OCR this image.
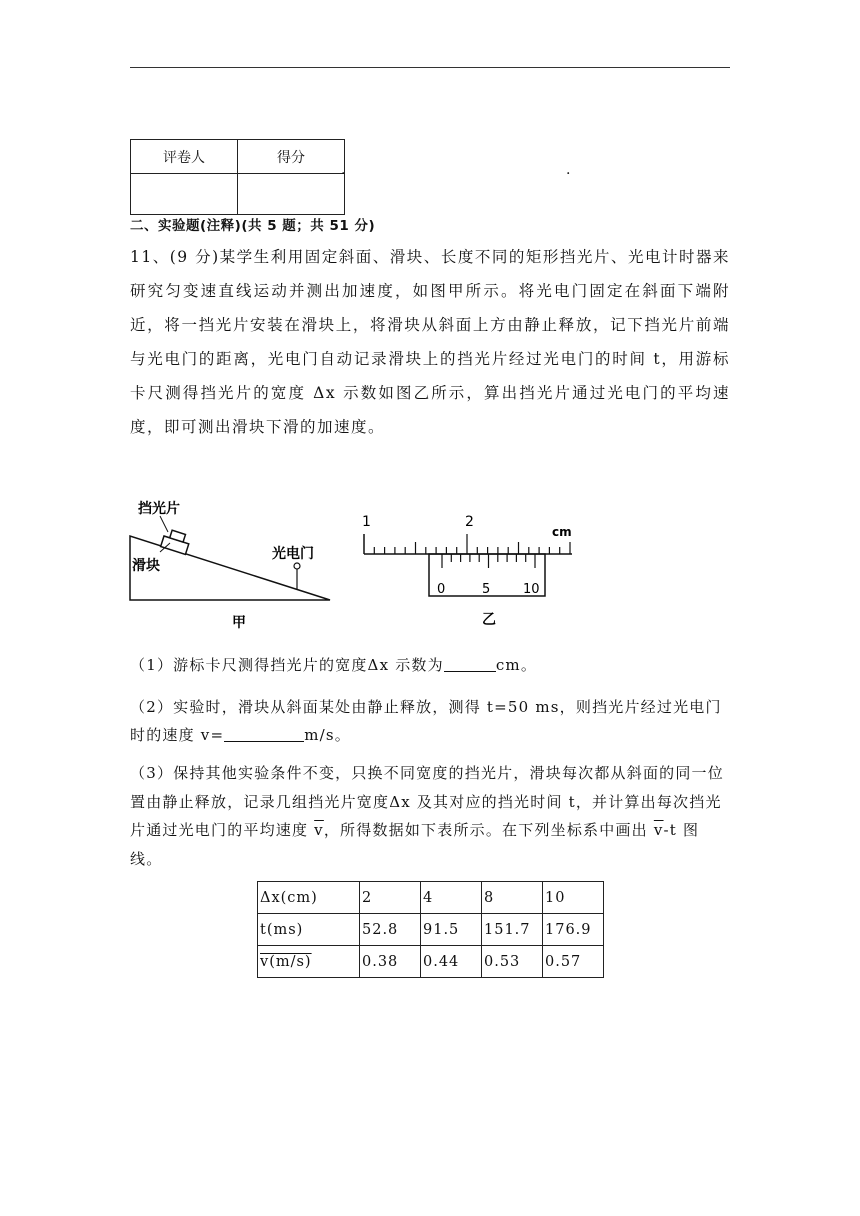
评卷人	得分

.	.
二、实验题(注释)(共 5 题；共 51 分)

11、(9 分)某学生利用固定斜面、滑块、长度不同的矩形挡光片、光电计时器来研究匀变速直线运动并测出加速度，如图甲所示。将光电门固定在斜面下端附近，将一挡光片安装在滑块上，将滑块从斜面上方由静止释放，记下挡光片前端与光电门的距离，光电门自动记录滑块上的挡光片经过光电门的时间 t，用游标卡尺测得挡光片的宽度 Δx 示数如图乙所示，算出挡光片通过光电门的平均速度，即可测出滑块下滑的加速度。

挡光片
滑块
光电门
甲
1	2
cm
0	5	10
乙
（1）游标卡尺测得挡光片的宽度Δx 示数为	cm。
（2）实验时，滑块从斜面某处由静止释放，测得 t=50 ms，则挡光片经过光电门时的速度 v=	m/s。
（3）保持其他实验条件不变，只换不同宽度的挡光片，滑块每次都从斜面的同一位置由静止释放，记录几组挡光片宽度Δx 及其对应的挡光时间 t，并计算出每次挡光片通过光电门的平均速度 $\overline{v}$，所得数据如下表所示。在下列坐标系中画出 $\overline{v}-t$ 图线。
Δx(cm)	2	4	8	10
t(ms)	52.8	91.5	151.7	176.9
v(m/s)	0.38	0.44	0.53	0.57
